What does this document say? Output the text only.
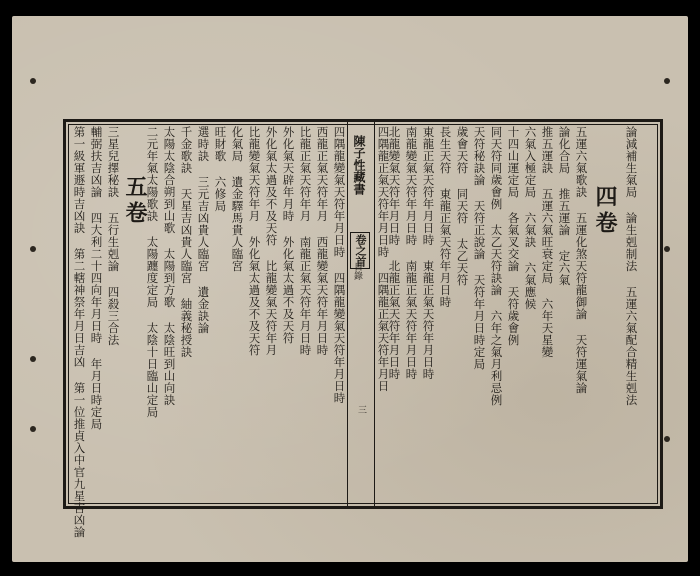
陳子性藏書
卷之首
目錄
三
論減補生氣局論生剋制法五運六氣配合精生剋法
四卷
五運六氣歌訣五運化煞天符龍御論天符運氣論
論化合局推五運論定六氣
推五運訣五運六氣旺衰定局六年天星變
六氣入極定局六氣訣六氣應候
十四山運定局各氣叉交論天符歲會例
同天符同歲會例太乙天符訣論六年之氣月利忌例
天符秘訣論天符正說論天符年月日時定局
歲會天符同天符太乙天符
長生天符東龍正氣天符年月日時
東龍正氣天符年月日時東龍正氣天符年月日時
南龍變氣天符年月日時南龍正氣天符年月日時
北龍變氣天符年月日時北龍正氣天符年月日時
四隅龍正氣天符年月日時四隅龍正氣天符年月日
四隅龍變氣天符年月日時四隅龍變氣天符年月日時
西龍正氣天符年月西龍變氣天符年月日時
比龍正氣天符年月南龍正氣天符年月日時
外化氣天辟年月時外化氣太過不及天符
外化氣太過及不及天符比龍變氣天符年月
比龍變氣天符年月外化氣太過及不及天符
化氣局遺金驛馬貴人臨宮
旺財歌六修局
選時訣三元吉凶貴人臨宮遺金訣論
千金歌訣天星吉凶貴人臨宮紬義秘授訣
太陽太陰合朔到山歌太陽到方歌太陰旺到山向訣
二元年氣太陽歌訣太陽躔度定局太陰十日臨山定局
五卷
三星兒擇秘訣五行生剋論四殺三合法
輔弼扶吉凶論四大利二十四向年月日時年月日時定局
第一級軍遯時吉凶訣第二轄神祭年月日吉凶第一位推貞入中官九星吉凶論
